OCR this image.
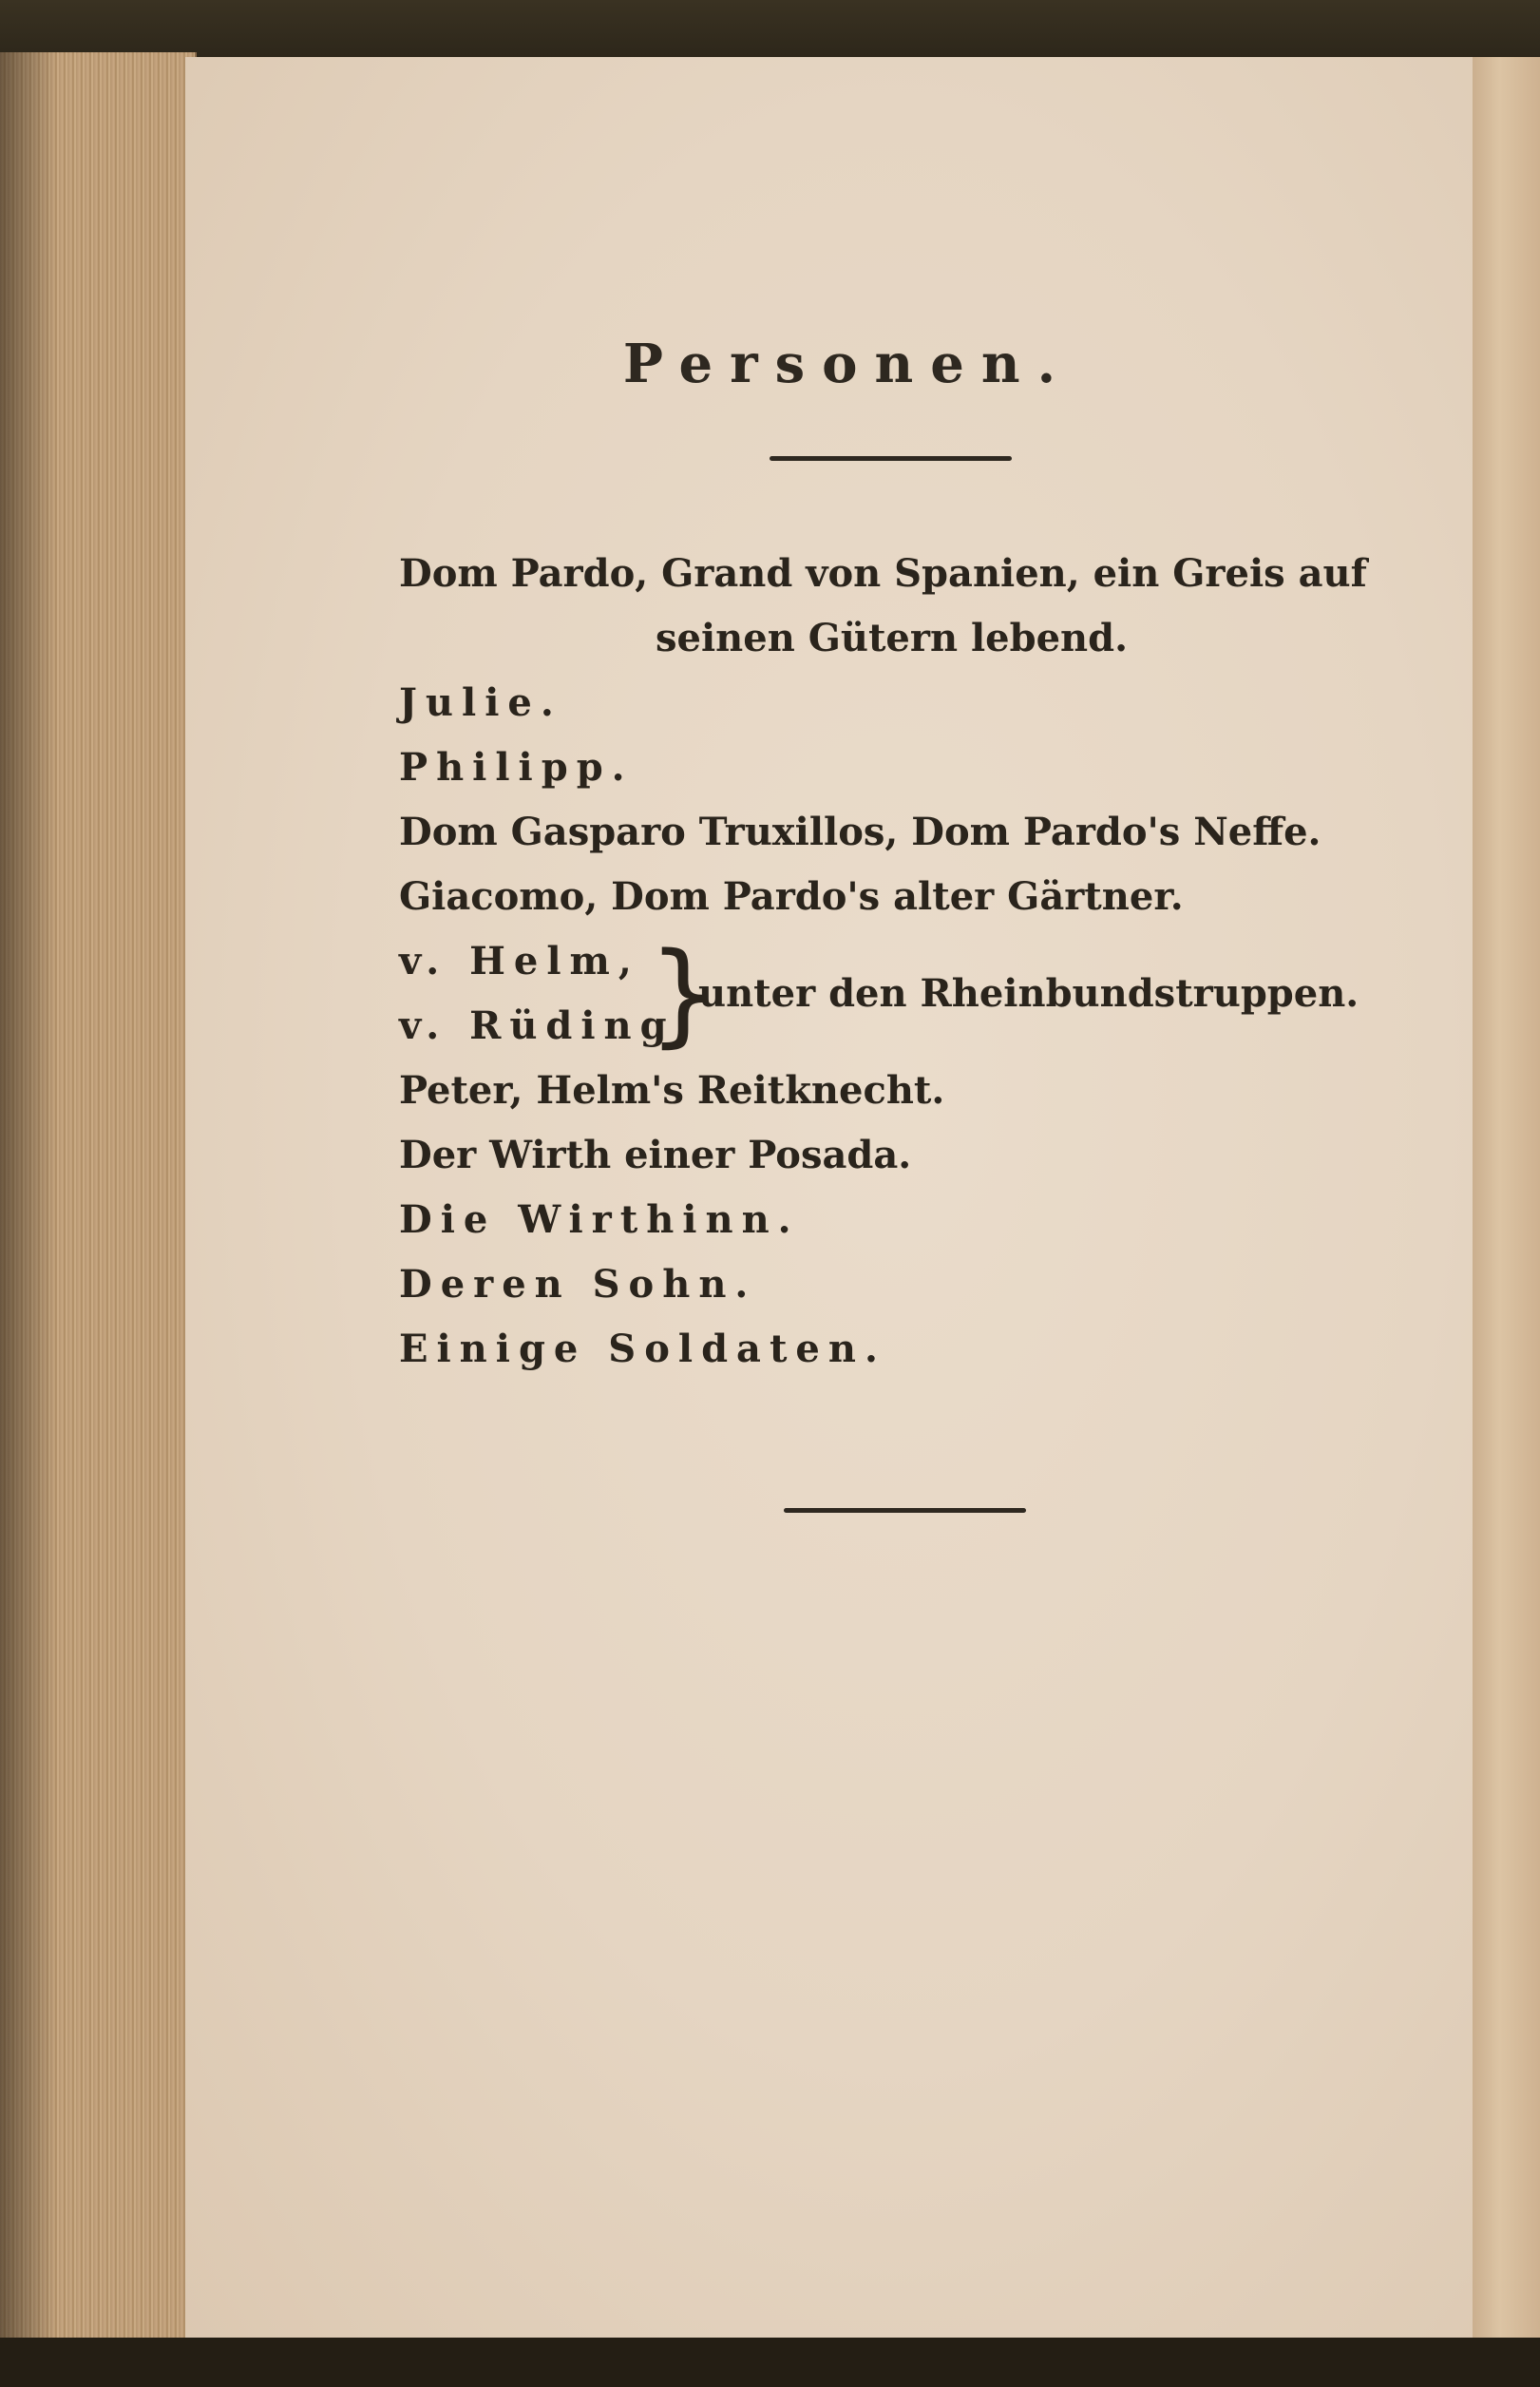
Personen.
Dom Pardo, Grand von Spanien, ein Greis auf
seinen Gütern lebend.
Julie.
Philipp.
Dom Gasparo Truxillos, Dom Pardo's Neffe.
Giacomo, Dom Pardo's alter Gärtner.
v. Helm,
v. Rüding,
}
unter den Rheinbundstruppen.
Peter, Helm's Reitknecht.
Der Wirth einer Posada.
Die Wirthinn.
Deren Sohn.
Einige Soldaten.
